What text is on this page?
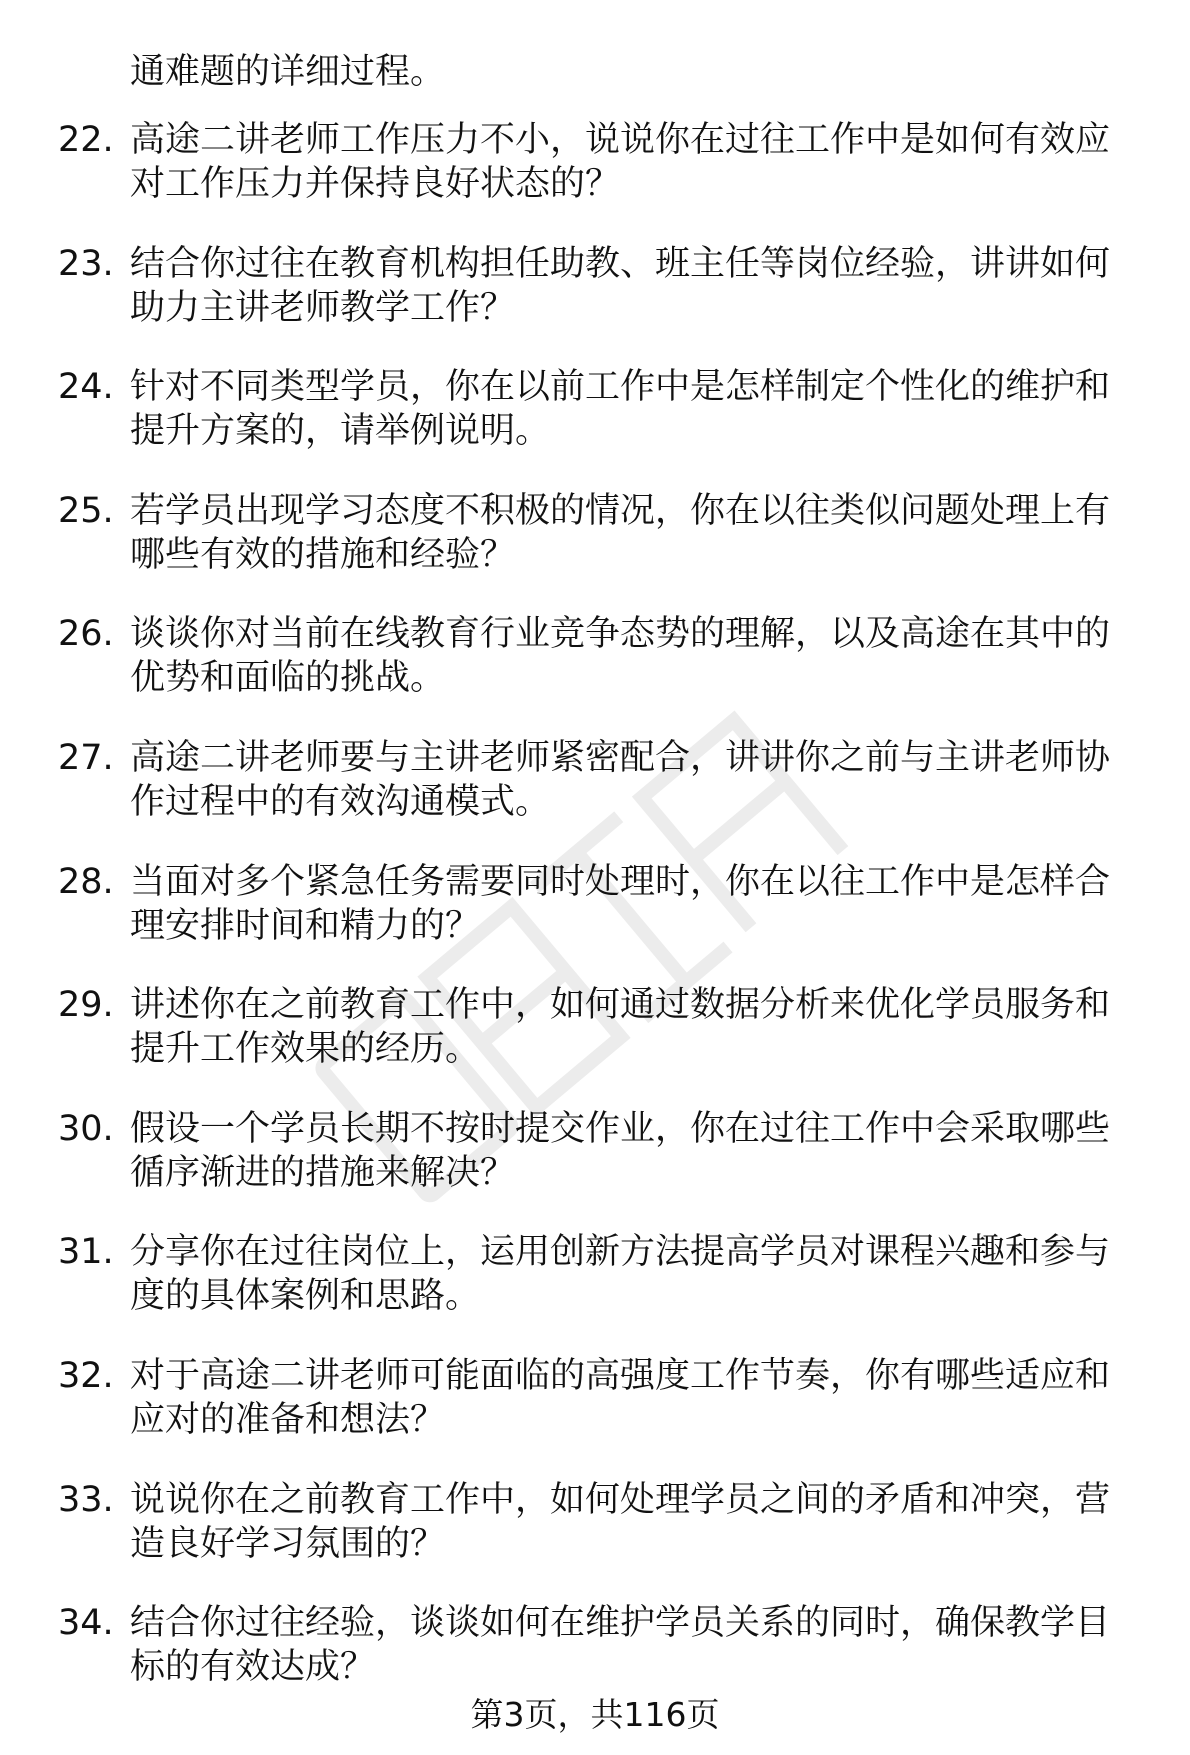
通难题的详细过程。
22. 高途二讲老师工作压力不小，说说你在过往工作中是如何有效应
对工作压力并保持良好状态的？
23. 结合你过往在教育机构担任助教、班主任等岗位经验，讲讲如何
助力主讲老师教学工作？
24. 针对不同类型学员，你在以前工作中是怎样制定个性化的维护和
提升方案的，请举例说明。
25. 若学员出现学习态度不积极的情况，你在以往类似问题处理上有
哪些有效的措施和经验？
26. 谈谈你对当前在线教育行业竞争态势的理解，以及高途在其中的
优势和面临的挑战。
27. 高途二讲老师要与主讲老师紧密配合，讲讲你之前与主讲老师协
作过程中的有效沟通模式。
28. 当面对多个紧急任务需要同时处理时，你在以往工作中是怎样合
理安排时间和精力的？
29. 讲述你在之前教育工作中，如何通过数据分析来优化学员服务和
提升工作效果的经历。
30. 假设一个学员长期不按时提交作业，你在过往工作中会采取哪些
循序渐进的措施来解决？
31. 分享你在过往岗位上，运用创新方法提高学员对课程兴趣和参与
度的具体案例和思路。
32. 对于高途二讲老师可能面临的高强度工作节奏，你有哪些适应和
应对的准备和想法？
33. 说说你在之前教育工作中，如何处理学员之间的矛盾和冲突，营
造良好学习氛围的？
34. 结合你过往经验，谈谈如何在维护学员关系的同时，确保教学目
标的有效达成？
第3页，共116页
